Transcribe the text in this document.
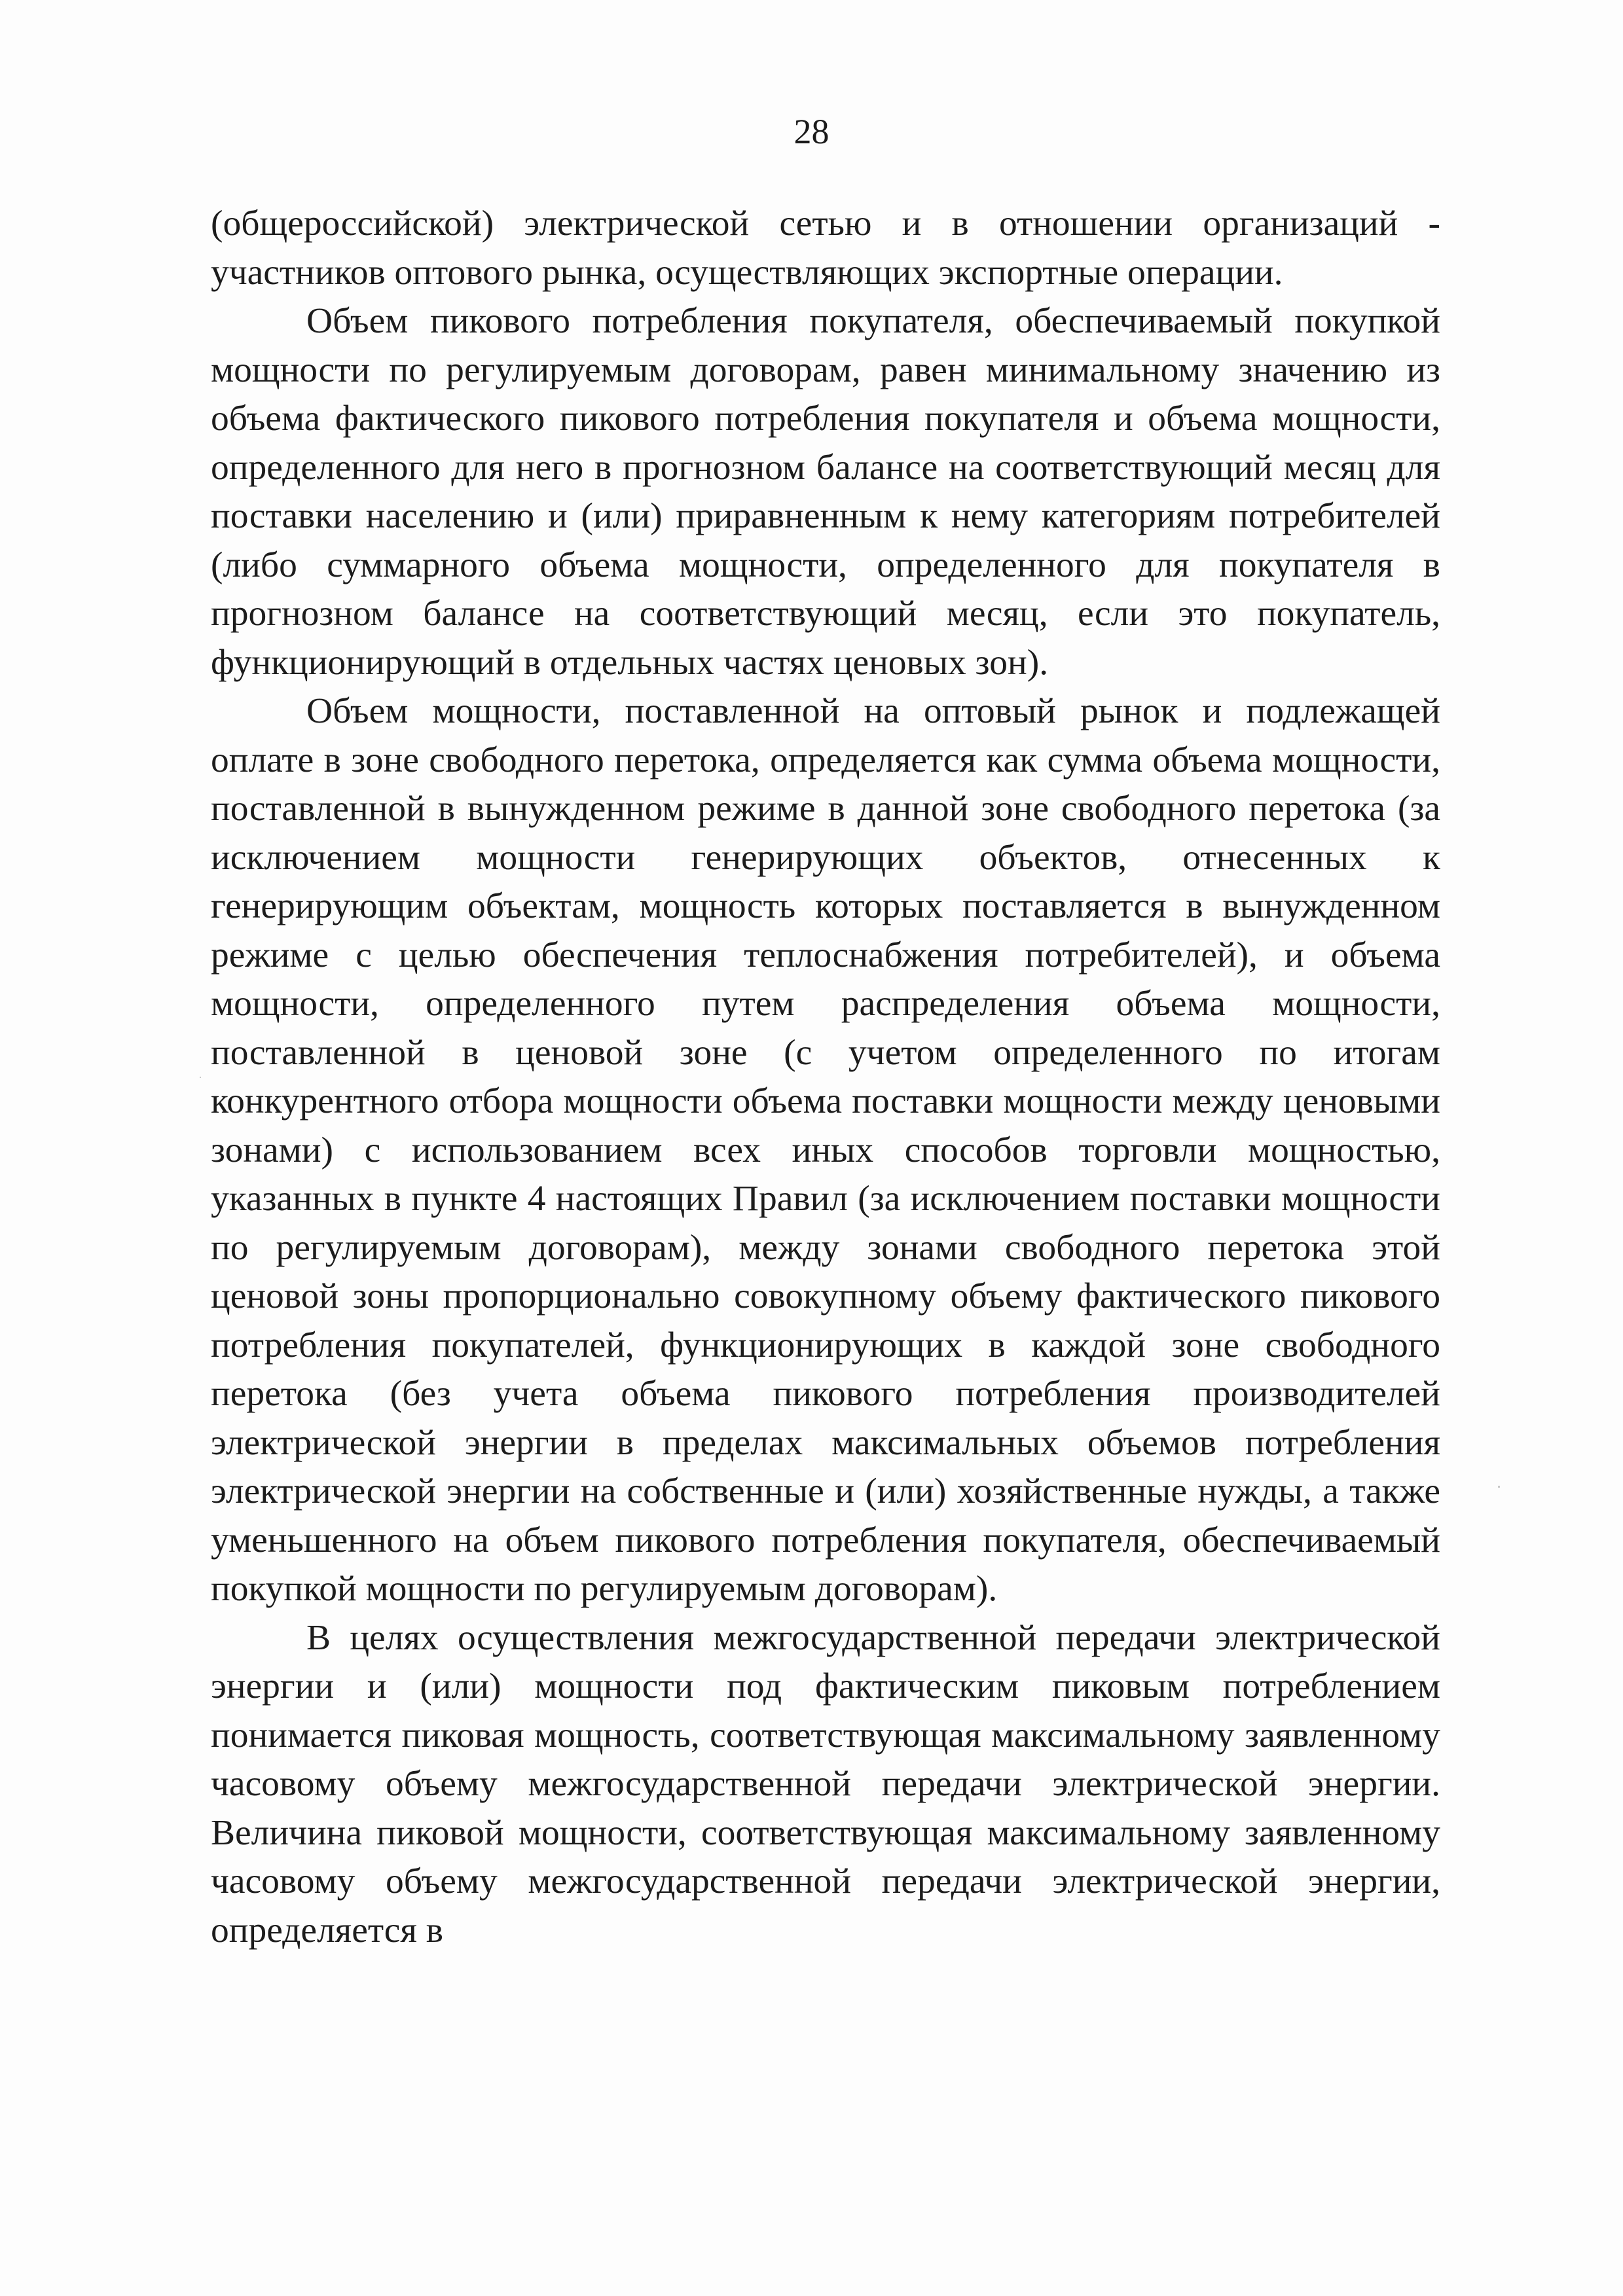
28

(общероссийской) электрической сетью и в отношении организаций - участников оптового рынка, осуществляющих экспортные операции.

Объем пикового потребления покупателя, обеспечиваемый покупкой мощности по регулируемым договорам, равен минимальному значению из объема фактического пикового потребления покупателя и объема мощности, определенного для него в прогнозном балансе на соответствующий месяц для поставки населению и (или) приравненным к нему категориям потребителей (либо суммарного объема мощности, определенного для покупателя в прогнозном балансе на соответствующий месяц, если это покупатель, функционирующий в отдельных частях ценовых зон).

Объем мощности, поставленной на оптовый рынок и подлежащей оплате в зоне свободного перетока, определяется как сумма объема мощности, поставленной в вынужденном режиме в данной зоне свободного перетока (за исключением мощности генерирующих объектов, отнесенных к генерирующим объектам, мощность которых поставляется в вынужденном режиме с целью обеспечения теплоснабжения потребителей), и объема мощности, определенного путем распределения объема мощности, поставленной в ценовой зоне (с учетом определенного по итогам конкурентного отбора мощности объема поставки мощности между ценовыми зонами) с использованием всех иных способов торговли мощностью, указанных в пункте 4 настоящих Правил (за исключением поставки мощности по регулируемым договорам), между зонами свободного перетока этой ценовой зоны пропорционально совокупному объему фактического пикового потребления покупателей, функционирующих в каждой зоне свободного перетока (без учета объема пикового потребления производителей электрической энергии в пределах максимальных объемов потребления электрической энергии на собственные и (или) хозяйственные нужды, а также уменьшенного на объем пикового потребления покупателя, обеспечиваемый покупкой мощности по регулируемым договорам).

В целях осуществления межгосударственной передачи электрической энергии и (или) мощности под фактическим пиковым потреблением понимается пиковая мощность, соответствующая максимальному заявленному часовому объему межгосударственной передачи электрической энергии. Величина пиковой мощности, соответствующая максимальному заявленному часовому объему межгосударственной передачи электрической энергии, определяется в
